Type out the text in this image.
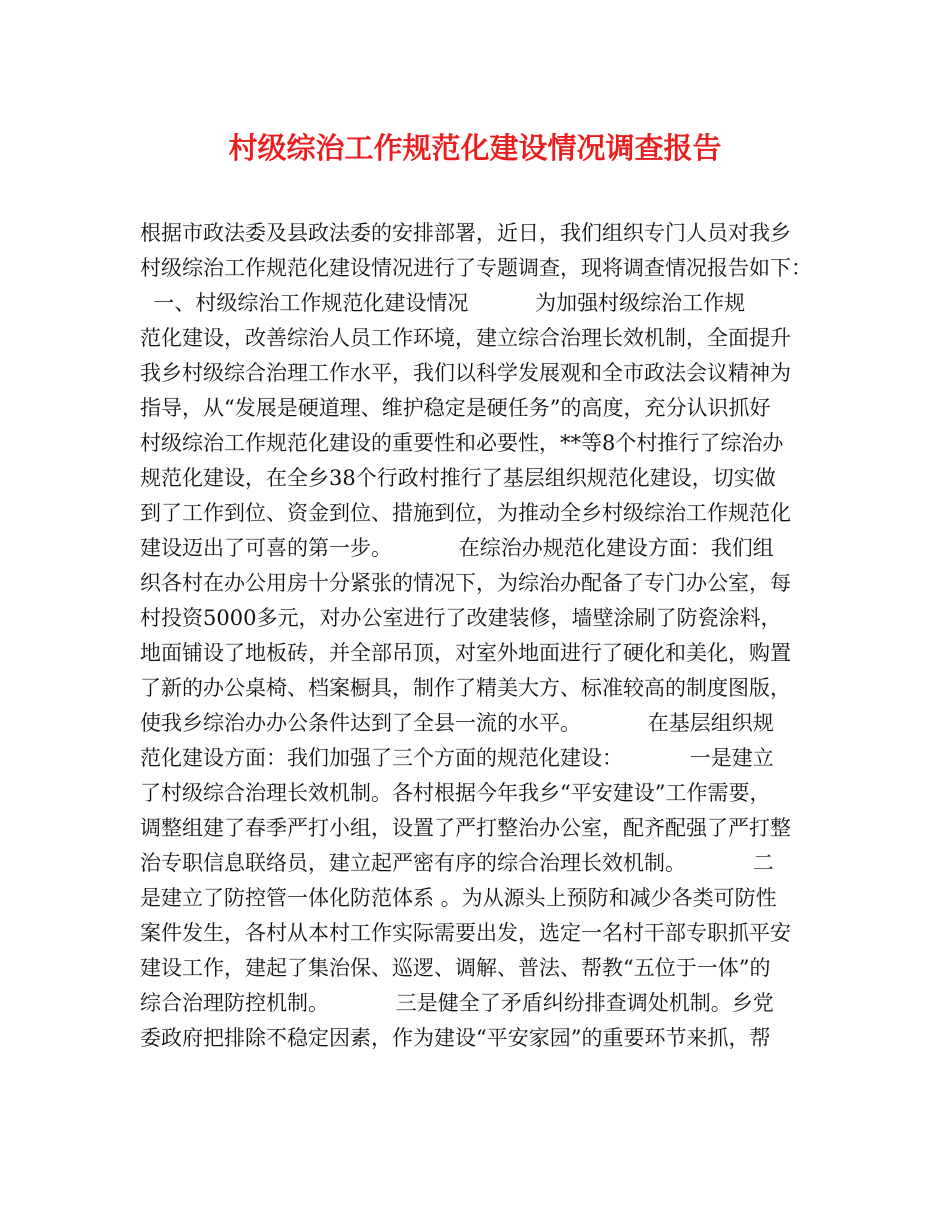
村级综治工作规范化建设情况调查报告
根据市政法委及县政法委的安排部署，近日，我们组织专门人员对我乡
村级综治工作规范化建设情况进行了专题调查，现将调查情况报告如下：
一、村级综治工作规范化建设情况          为加强村级综治工作规
范化建设，改善综治人员工作环境，建立综合治理长效机制，全面提升
我乡村级综合治理工作水平，我们以科学发展观和全市政法会议精神为
指导，从“发展是硬道理、维护稳定是硬任务”的高度，充分认识抓好
村级综治工作规范化建设的重要性和必要性，**等8个村推行了综治办
规范化建设，在全乡38个行政村推行了基层组织规范化建设，切实做
到了工作到位、资金到位、措施到位，为推动全乡村级综治工作规范化
建设迈出了可喜的第一步。          在综治办规范化建设方面：我们组
织各村在办公用房十分紧张的情况下，为综治办配备了专门办公室，每
村投资5000多元，对办公室进行了改建装修，墙壁涂刷了防瓷涂料，
地面铺设了地板砖，并全部吊顶，对室外地面进行了硬化和美化，购置
了新的办公桌椅、档案橱具，制作了精美大方、标准较高的制度图版，
使我乡综治办办公条件达到了全县一流的水平。          在基层组织规
范化建设方面：我们加强了三个方面的规范化建设：          一是建立
了村级综合治理长效机制。各村根据今年我乡“平安建设”工作需要，
调整组建了春季严打小组，设置了严打整治办公室，配齐配强了严打整
治专职信息联络员，建立起严密有序的综合治理长效机制。          二
是建立了防控管一体化防范体系 。为从源头上预防和减少各类可防性
案件发生，各村从本村工作实际需要出发，选定一名村干部专职抓平安
建设工作，建起了集治保、巡逻、调解、普法、帮教“五位于一体”的
综合治理防控机制。          三是健全了矛盾纠纷排查调处机制。乡党
委政府把排除不稳定因素，作为建设“平安家园”的重要环节来抓，帮
